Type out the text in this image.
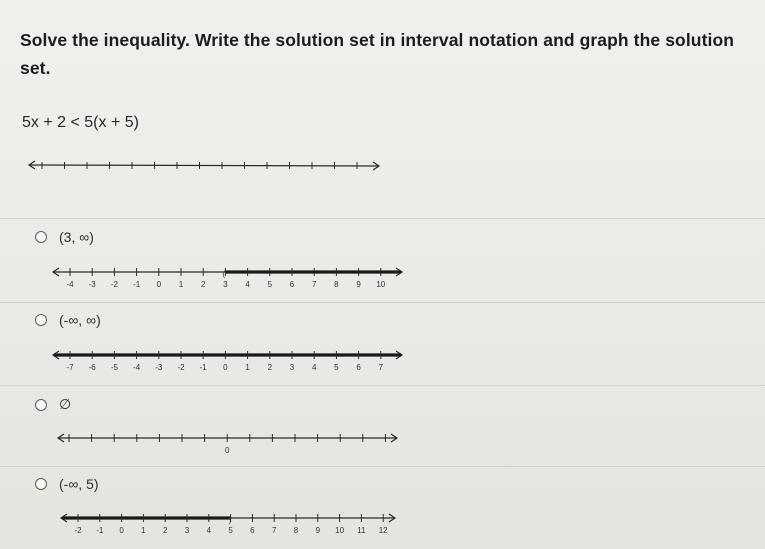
Solve the inequality. Write the solution set in interval notation and graph the solution set.
5x + 2 < 5(x + 5)
(3, ∞)
(
-4 -3 -2 -1 0 1 2 3 4 5 6 7 8 9 10
(-∞, ∞)
-7 -6 -5 -4 -3 -2 -1 0 1 2 3 4 5 6 7
∅
0
(-∞, 5)
)
-2 -1 0 1 2 3 4 5 6 7 8 9 10 11 12
